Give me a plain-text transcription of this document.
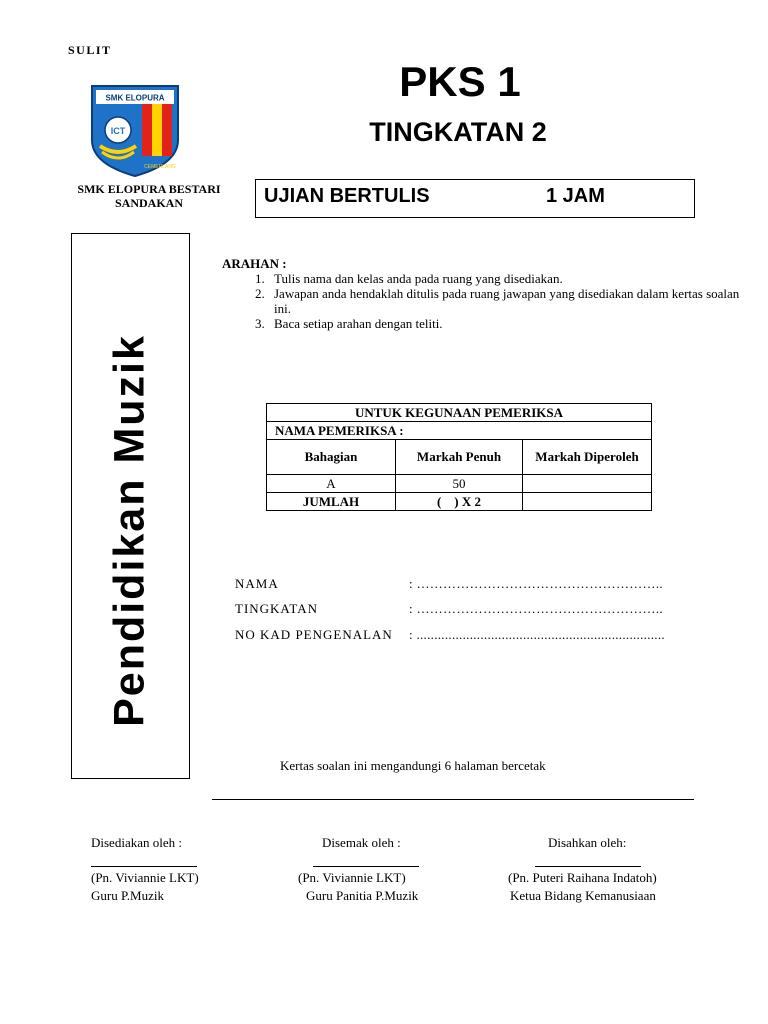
SULIT
SMK ELOPURA
ICT
CEMERLANG
SMK ELOPURA BESTARI
SANDAKAN
PKS 1
TINGKATAN 2
UJIAN BERTULIS	1 JAM
Pendidikan Muzik
ARAHAN :
1. Tulis nama dan kelas anda pada ruang yang disediakan.
2. Jawapan anda hendaklah ditulis pada ruang jawapan yang disediakan dalam kertas soalan ini.
3. Baca setiap arahan dengan teliti.
UNTUK KEGUNAAN PEMERIKSA		
NAMA PEMERIKSA :		
Bahagian	Markah Penuh	Markah Diperoleh
A	50	
JUMLAH	(    ) X 2	
NAMA	: ………………………………………………..
TINGKATAN	: ………………………………………………..
NO KAD PENGENALAN : ......................................................................
Kertas soalan ini mengandungi 6 halaman bercetak
Disediakan oleh :
(Pn. Viviannie LKT)
Guru P.Muzik
Disemak oleh :
(Pn. Viviannie LKT)
Guru Panitia P.Muzik
Disahkan oleh:
(Pn. Puteri Raihana Indatoh)
Ketua Bidang Kemanusiaan
